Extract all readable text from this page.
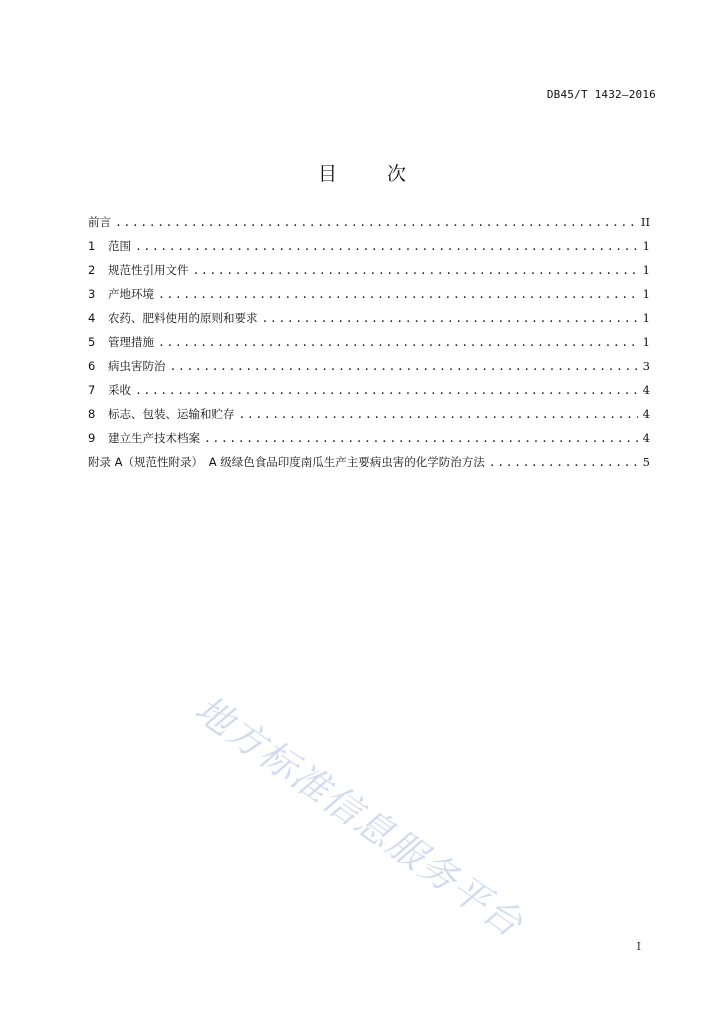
DB45/T 1432—2016
目 次
前言 .....	II
1	范围 .....	1
2	规范性引用文件 .....	1
3	产地环境 .....	1
4	农药、肥料使用的原则和要求 .....	1
5	管理措施 .....	1
6	病虫害防治 .....	3
7	采收 .....	4
8	标志、包装、运输和贮存 .....	4
9	建立生产技术档案 .....	4
附录 A（规范性附录）　A 级绿色食品印度南瓜生产主要病虫害的化学防治方法 .....	5
地方标准信息服务平台
I
